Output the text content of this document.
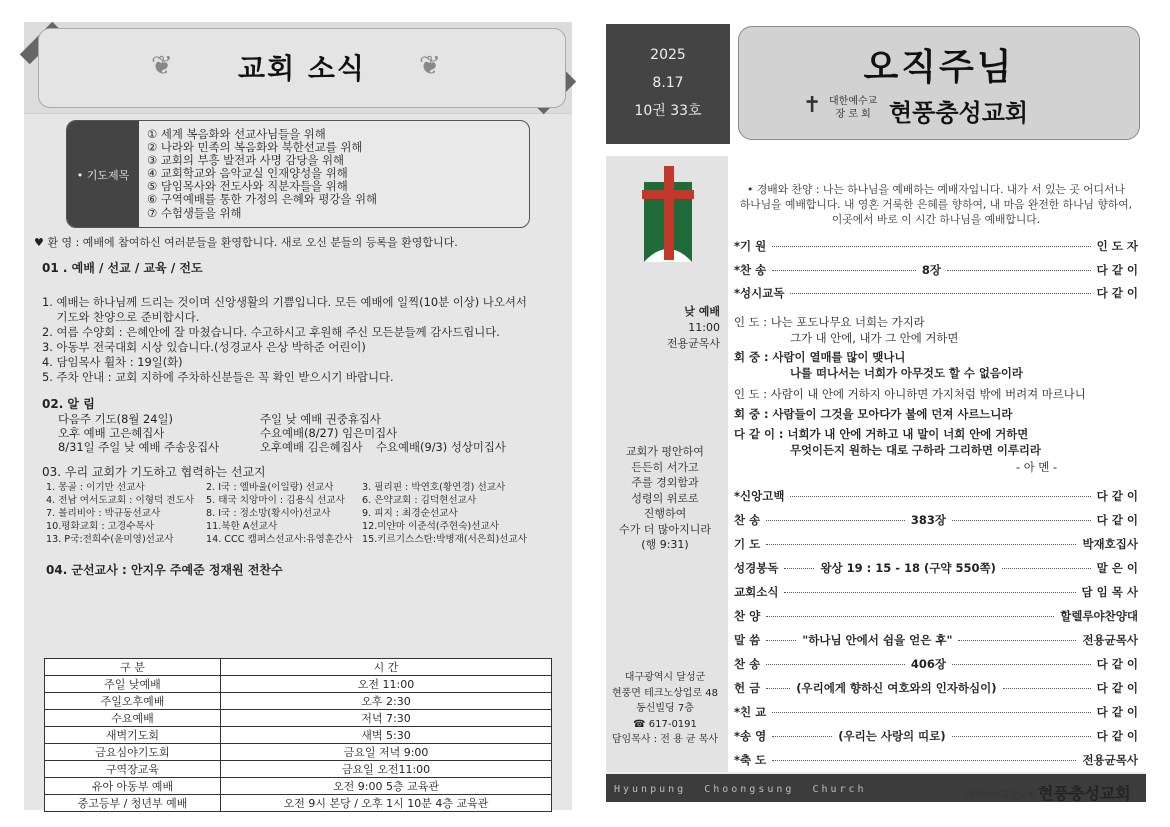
❦	❦
교회 소식
• 기도제목
① 세계 복음화와 선교사님들을 위해
② 나라와 민족의 복음화와 북한선교를 위해
③ 교회의 부흥 발전과 사명 감당을 위해
④ 교회학교와 음악교실 인재양성을 위해
⑤ 담임목사와 전도사와 직분자들을 위해
⑥ 구역예배를 통한 가정의 은혜와 평강을 위해
⑦ 수험생들을 위해
♥ 환 영 : 예배에 참여하신 여러분들을 환영합니다. 새로 오신 분들의 등록을 환영합니다.
01 . 예배 / 선교 / 교육 / 전도
1. 예배는 하나님께 드리는 것이며 신앙생활의 기쁨입니다. 모든 예배에 일찍(10분 이상) 나오셔서
기도와 찬양으로 준비합시다.
2. 여름 수양회 : 은혜안에 잘 마쳤습니다. 수고하시고 후원해 주신 모든분들께 감사드립니다.
3. 아동부 전국대회 시상 있습니다.(성경교사 은상 박하준 어린이)
4. 담임목사 휠차 : 19일(화)
5. 주차 안내 : 교회 지하에 주차하신분들은 꼭 확인 받으시기 바랍니다.
02. 알 림
다음주 기도(8월 24일)	주일 낮 예배 권중휴집사
오후 예배 고은혜집사	수요예배(8/27) 임은미집사
8/31일 주일 낮 예배 주송웅집사	오후예배 김은혜집사 수요예배(9/3) 성상미집사
03. 우리 교회가 기도하고 협력하는 선교지
1. 몽골 : 이기만 선교사	2. I국 : 엘바울(이일랑) 선교사	3. 필리핀 : 박연호(황연경) 선교사
4. 전남 여서도교회 : 이형덕 전도사 5. 태국 치앙마이 : 김용식 선교사 6. 은약교회 : 김덕현선교사
7. 볼리비아 : 박규동선교사	8. I국 : 정소망(황시아)선교사	9. 피지 : 최경순선교사
10.평화교회 : 고경수목사	11.북한 A선교사	12.미얀마 이준석(주현숙)선교사
13. P국:전희수(윤미영)선교사	14. CCC 캠퍼스선교사:유영훈간사 15.키르기스스탄:박병재(서은희)선교사
04. 군선교사 : 안지우 주예준 정재원 전찬수
구 분	시 간
주일 낮예배	오전 11:00
주일오후예배	오후 2:30
수요예배	저녁 7:30
새벽기도회	새벽 5:30
금요심야기도회	금요일 저녁 9:00
구역장교육	금요일 오전11:00
유아 아동부 예배	오전 9:00 5층 교육관
중고등부 / 청년부 예배	오전 9시 본당 / 오후 1시 10분 4층 교육관
2025
8.17
10권 33호
오직주님
✝ 대한예수교
장 로 회 현풍충성교회
낮 예배
11:00
전용균목사
교회가 평안하여
든든히 서가고
주를 경외함과
성령의 위로로
진행하여
수가 더 많아지니라
(행 9:31)
대구광역시 달성군
현풍면 테크노상업로 48
동신빌딩 7층
☎ 617-0191
담임목사 : 전 용 균 목사
• 경배와 찬양 : 나는 하나님을 예배하는 예배자입니다. 내가 서 있는 곳 어디서나
하나님을 예배합니다. 내 영혼 거룩한 은혜를 향하여, 내 마음 완전한 하나님 향하여,
이곳에서 바로 이 시간 하나님을 예배합니다.
*기 원	인 도 자
*찬 송	8장	다 같 이
*성시교독	다 같 이
인 도 : 나는 포도나무요 너희는 가지라
그가 내 안에, 내가 그 안에 거하면
회 중 : 사람이 열매를 많이 맺나니
나를 떠나서는 너희가 아무것도 할 수 없음이라
인 도 : 사람이 내 안에 거하지 아니하면 가지처럼 밖에 버려져 마르나니
회 중 : 사람들이 그것을 모아다가 불에 던져 사르느니라
다 같 이 : 너희가 내 안에 거하고 내 말이 너희 안에 거하면
무엇이든지 원하는 대로 구하라 그리하면 이루리라
- 아 멘 -
*신앙고백	다 같 이
찬 송	383장	다 같 이
기 도	박재호집사
성경봉독	왕상 19 : 15 - 18 (구약 550쪽)	말 은 이
교회소식	담 임 목 사
찬 양	할렐루야찬양대
말 씀	"하나님 안에서 쉼을 얻은 후"	전용균목사
찬 송	406장	다 같 이
헌 금	(우리에게 향하신 여호와의 인자하심이)	다 같 이
*친 교	다 같 이
*송 영	(우리는 사랑의 띠로)	다 같 이
*축 도	전용균목사
Hyunpung  Choongsung  Church
대한예수교장로회 현풍충성교회
